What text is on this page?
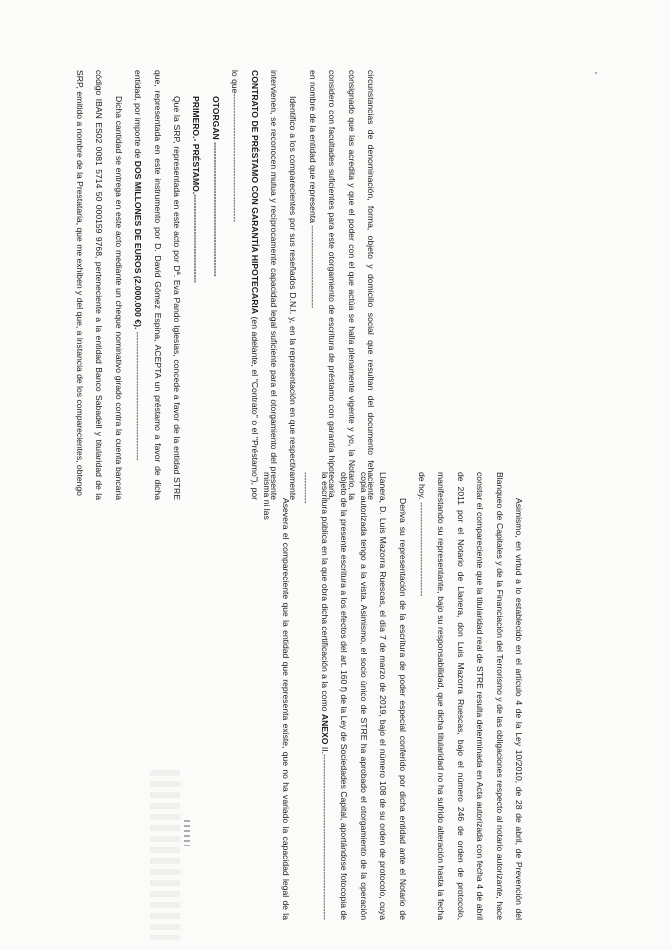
Asimismo, en virtud a lo establecido en el artículo 4 de la Ley 10/2010, de 28 de abril, de Prevención del Blanqueo de Capitales y de la Financiación del Terrorismo y de las obligaciones respecto al notario autorizante, hace constar el compareciente que la titularidad real de STRE resulta determinada en Acta autorizada con fecha 4 de abril de 2011 por el Notario de Llanera, don Luis Mazorra Ruescas, bajo el número 246 de orden de protocolo, manifestando su representante, bajo su responsabilidad, que dicha titularidad no ha sufrido alteración hasta la fecha de hoy. ---------------------------------

Deriva su representación de la escritura de poder especial conferido por dicha entidad ante el Notario de Llanera, D. Luis Mazorra Ruescas, el día 7 de marzo de 2019, bajo el número 108 de su orden de protocolo, cuya copia autorizada tengo a la vista. Asimismo, el socio único de STRE ha aprobado el otorgamiento de la operación objeto de la presente escritura a los efectos del art. 160 f) de la Ley de Sociedades Capital, aportándose fotocopia de la escritura pública en la que obra dicha certificación a la como ANEXO II.---------------------------------------------------------------------

Asevera el compareciente que la entidad que representa existe, que no ha variado la capacidad legal de la misma ni las	circunstancias de denominación, forma, objeto y domicilio social que resultan del documento fehaciente consignado que las acredita y que el poder con el que actúa se halla plenamente vigente y yo, la Notario, la considero con facultades suficientes para este otorgamiento de escritura de préstamo con garantía hipotecaria, en nombre de la entidad que representa -----------------------------

Identifico a los comparecientes por sus reseñados D.N.I. y, en la representación en que respectivamente intervienen, se reconocen mutua y recíprocamente capacidad legal suficiente para el otorgamiento del presente CONTRATO DE PRÉSTAMO CON GARANTÍA HIPOTECARIA (en adelante, el "Contrato" o el "Préstamo"), por lo que---------------------------------------------

OTORGAN -----------------------------------------------

PRIMERO.- PRÉSTAMO.-------------------------------

Que la SRP, representada en este acto por Dª. Eva Pando Iglesias, concede a favor de la entidad STRE que, representada en este instrumento por D. David Gómez Espina, ACEPTA un préstamo a favor de dicha entidad, por importe de DOS MILLONES DE EUROS (2.000.000 €). ---------------------------------------------

Dicha cantidad se entrega en este acto mediante un cheque nominativo girado contra la cuenta bancaria código IBAN ES02 0081 5714 50 000159 9768, perteneciente a la entidad Banco Sabadell y titularidad de la SRP, emitido a nombre de la Prestataria, que me exhiben y del que, a instancia de los comparecientes, obtengo
